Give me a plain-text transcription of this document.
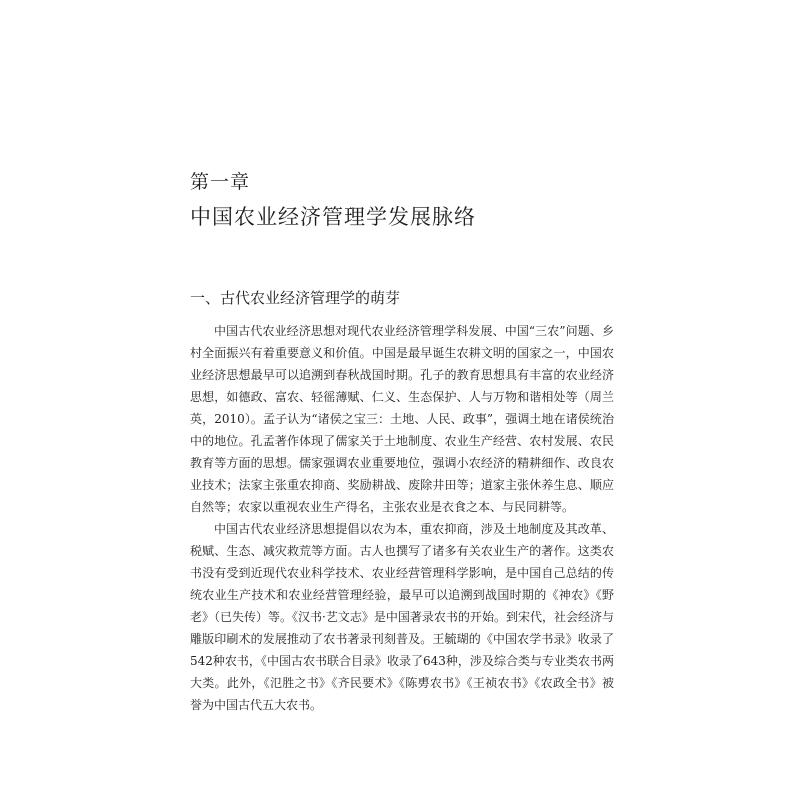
第一章
中国农业经济管理学发展脉络
一、古代农业经济管理学的萌芽

中国古代农业经济思想对现代农业经济管理学科发展、中国“三农”问题、乡村全面振兴有着重要意义和价值。中国是最早诞生农耕文明的国家之一，中国农业经济思想最早可以追溯到春秋战国时期。孔子的教育思想具有丰富的农业经济思想，如德政、富农、轻徭薄赋、仁义、生态保护、人与万物和谐相处等（周兰英，2010）。孟子认为“诸侯之宝三：土地、人民、政事”，强调土地在诸侯统治中的地位。孔孟著作体现了儒家关于土地制度、农业生产经营、农村发展、农民教育等方面的思想。儒家强调农业重要地位，强调小农经济的精耕细作、改良农业技术；法家主张重农抑商、奖励耕战、废除井田等；道家主张休养生息、顺应自然等；农家以重视农业生产得名，主张农业是衣食之本、与民同耕等。

中国古代农业经济思想提倡以农为本，重农抑商，涉及土地制度及其改革、税赋、生态、减灾救荒等方面。古人也撰写了诸多有关农业生产的著作。这类农书没有受到近现代农业科学技术、农业经营管理科学影响，是中国自己总结的传统农业生产技术和农业经营管理经验，最早可以追溯到战国时期的《神农》《野老》（已失传）等。《汉书·艺文志》是中国著录农书的开始。到宋代，社会经济与雕版印刷术的发展推动了农书著录刊刻普及。王毓瑚的《中国农学书录》收录了542种农书，《中国古农书联合目录》收录了643种，涉及综合类与专业类农书两大类。此外，《氾胜之书》《齐民要术》《陈旉农书》《王祯农书》《农政全书》被誉为中国古代五大农书。
